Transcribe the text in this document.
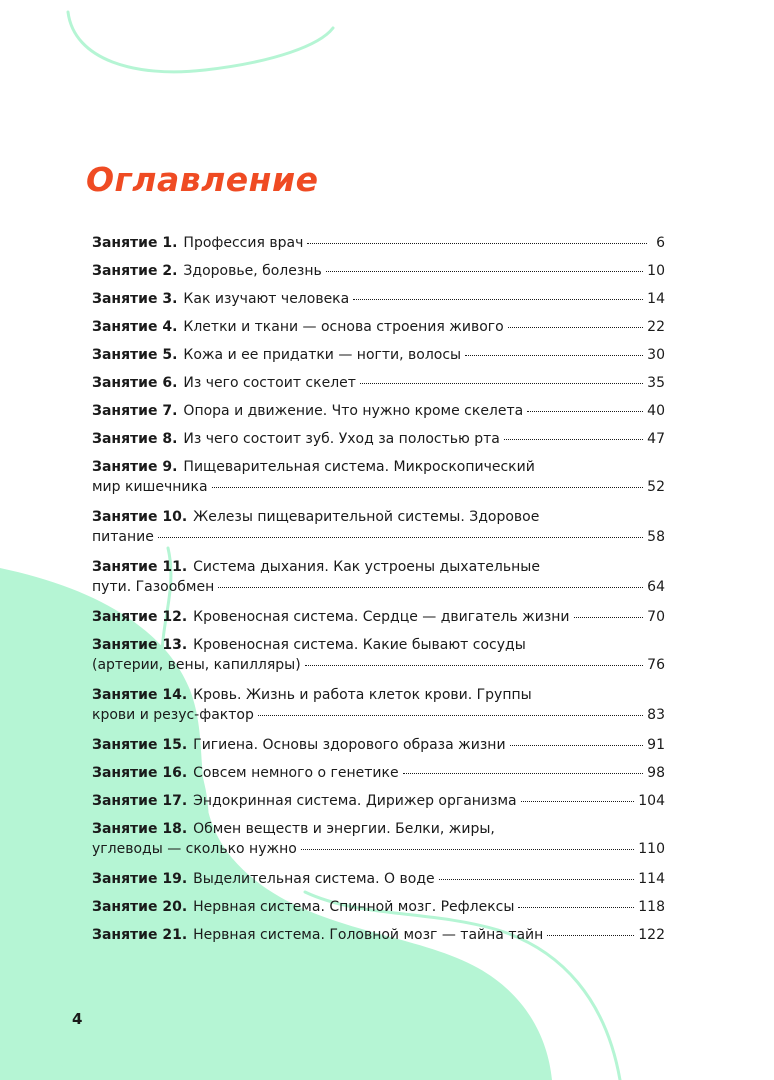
Оглавление
Занятие 1. Профессия врач	6
Занятие 2. Здоровье, болезнь	10
Занятие 3. Как изучают человека	14
Занятие 4. Клетки и ткани — основа строения живого	22
Занятие 5. Кожа и ее придатки — ногти, волосы	30
Занятие 6. Из чего состоит скелет	35
Занятие 7. Опора и движение. Что нужно кроме скелета	40
Занятие 8. Из чего состоит зуб. Уход за полостью рта	47
Занятие 9. Пищеварительная система. Микроскопический
мир кишечника	52
Занятие 10. Железы пищеварительной системы. Здоровое
питание	58
Занятие 11. Система дыхания. Как устроены дыхательные
пути. Газообмен	64
Занятие 12. Кровеносная система. Сердце — двигатель жизни	70
Занятие 13. Кровеносная система. Какие бывают сосуды
(артерии, вены, капилляры)	76
Занятие 14. Кровь. Жизнь и работа клеток крови. Группы
крови и резус-фактор	83
Занятие 15. Гигиена. Основы здорового образа жизни	91
Занятие 16. Совсем немного о генетике	98
Занятие 17. Эндокринная система. Дирижер организма	104
Занятие 18. Обмен веществ и энергии. Белки, жиры,
углеводы — сколько нужно	110
Занятие 19. Выделительная система. О воде	114
Занятие 20. Нервная система. Спинной мозг. Рефлексы	118
Занятие 21. Нервная система. Головной мозг — тайна тайн	122
4
